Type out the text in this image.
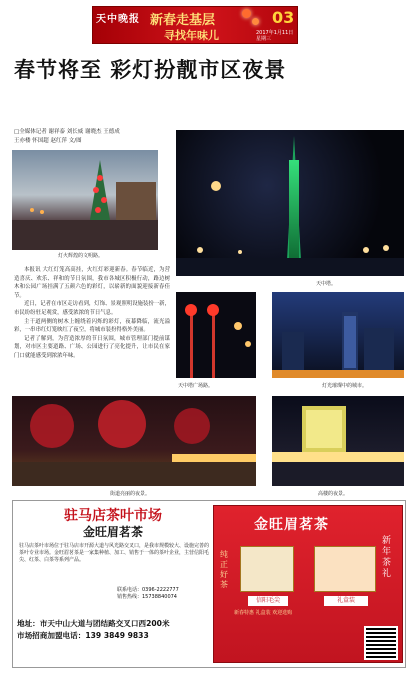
天中晚报 新春走基层
寻找年味儿
03
2017年1月11日 星期三
春节将至 彩灯扮靓市区夜景
□全媒体记者 谢祥泰 刘长威 谢晓杰 王德成
王亦楼 怀国超 赵红萍 文/图
灯火辉煌的文明路。
天中塔。
天中塔广场路。	灯光璀璨中的城市。
街道亮丽的夜景。	高楼的夜景。

本报讯 大红灯笼高高挂，火红灯彩迎新春。春节临近，为营造喜庆、欢乐、祥和的节日氛围，我市各城区积极行动，路边树木和公园广场挂满了五颜六色的彩灯，以崭新的面貌迎接新春佳节。

近日，记者在市区走访看到，灯饰、景观照明设施装扮一新，市民纷纷驻足观赏，感受浓浓的节日气息。

主干道两侧的树木上缠绕着闪烁的彩灯，夜幕降临，流光溢彩，一串串红灯笼映红了夜空，将城市装扮得格外美丽。

记者了解到，为营造浓厚的节日氛围，城市管理部门提前谋划，对市区主要道路、广场、公园进行了亮化提升，让市民在家门口就能感受到浓浓年味。

驻马店茶叶市场
金旺眉茗茶
驻马店茶叶市场位于驻马店市开源大道与风光路交叉口，是我市规模较大、设施完善的茶叶专业市场。金旺眉茗茶是一家集种植、加工、销售于一体的茶叶企业，主营信阳毛尖、红茶、白茶等系列产品。
联系电话：0396-2222777
销售热线：15738840074
地址：市天中山大道与团结路交叉口西200米
市场招商加盟电话：139 3849 9833
金旺眉茗茶
纯正好茶
新年茶礼
信阳毛尖	礼盒装
新春特惠 礼盒装 欢迎选购
